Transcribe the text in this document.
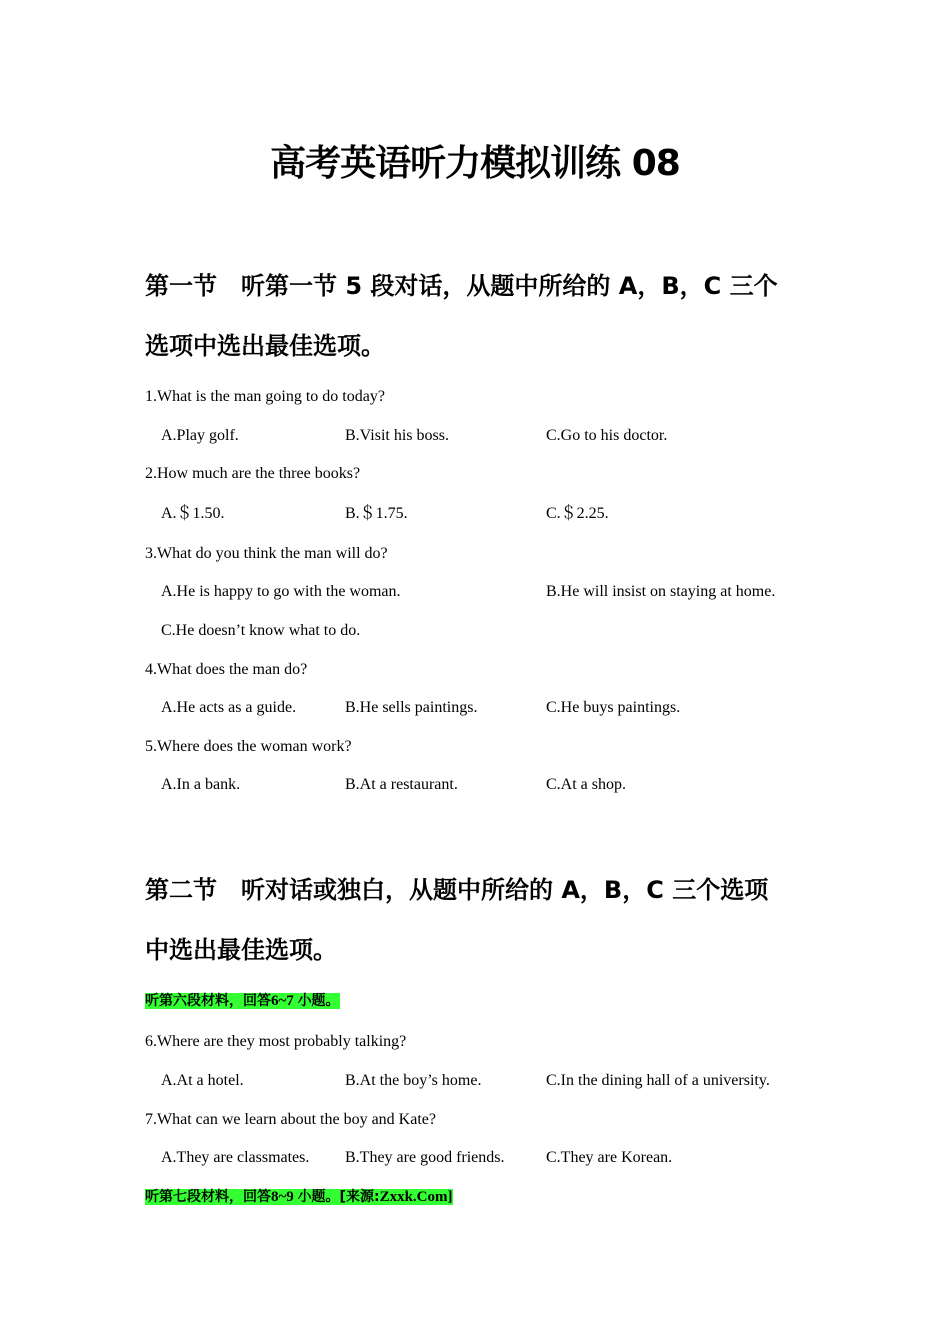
高考英语听力模拟训练 08
第一节　听第一节 5 段对话，从题中所给的 A，B，C 三个
选项中选出最佳选项。
1.What is the man going to do today?
A.Play golf.	B.Visit his boss.	C.Go to his doctor.
2.How much are the three books?
A.＄1.50.	B.＄1.75.	C.＄2.25.
3.What do you think the man will do?
A.He is happy to go with the woman.	B.He will insist on staying at home.
C.He doesn’t know what to do.
4.What does the man do?
A.He acts as a guide.	B.He sells paintings.	C.He buys paintings.
5.Where does the woman work?
A.In a bank.	B.At a restaurant.	C.At a shop.
第二节　听对话或独白，从题中所给的 A，B，C 三个选项
中选出最佳选项。
听第六段材料，回答6~7 小题。
6.Where are they most probably talking?
A.At a hotel.	B.At the boy’s home.	C.In the dining hall of a university.
7.What can we learn about the boy and Kate?
A.They are classmates. B.They are good friends.	C.They are Korean.
听第七段材料，回答8~9 小题。[来源:Zxxk.Com]
